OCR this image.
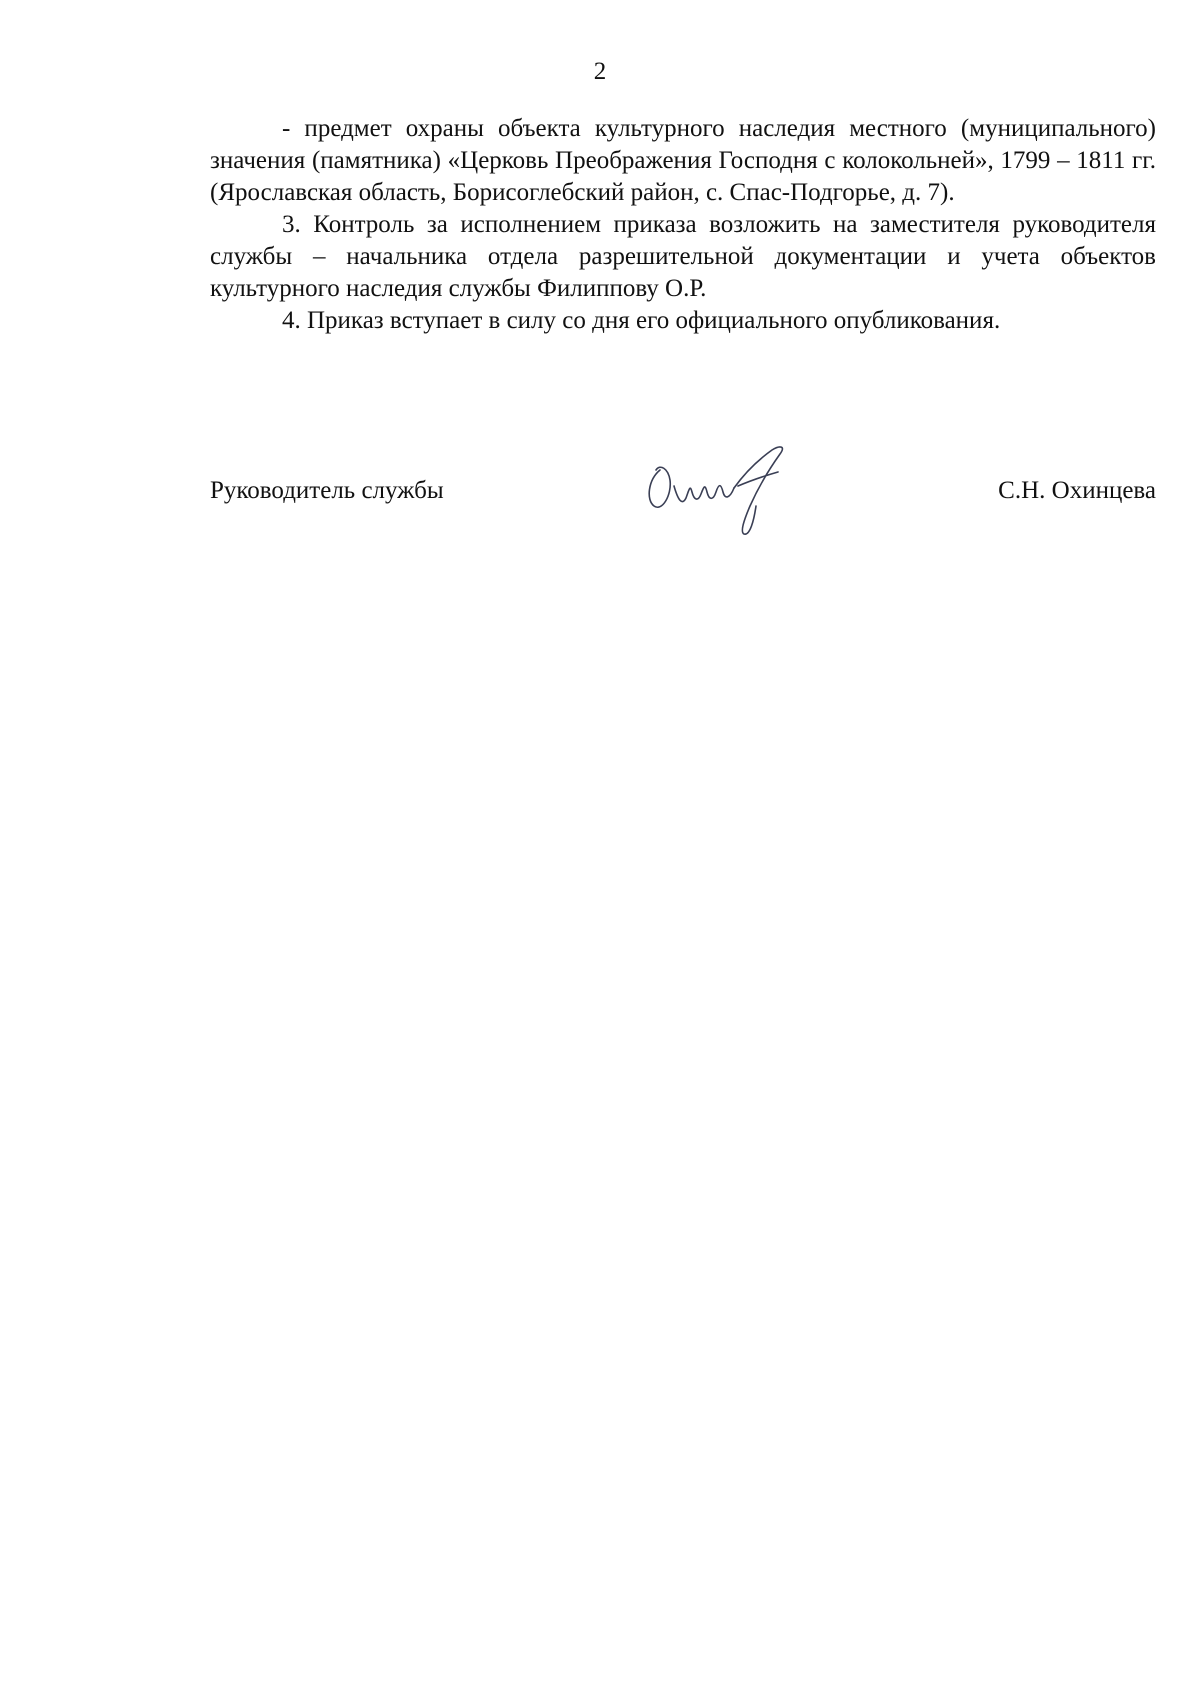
2

- предмет охраны объекта культурного наследия местного (муниципального) значения (памятника) «Церковь Преображения Господня с колокольней», 1799 – 1811 гг. (Ярославская область, Борисоглебский район, с. Спас-Подгорье, д. 7).

3. Контроль за исполнением приказа возложить на заместителя руководителя службы – начальника отдела разрешительной документации и учета объектов культурного наследия службы Филиппову О.Р.

4. Приказ вступает в силу со дня его официального опубликования.

Руководитель службы	С.Н. Охинцева
